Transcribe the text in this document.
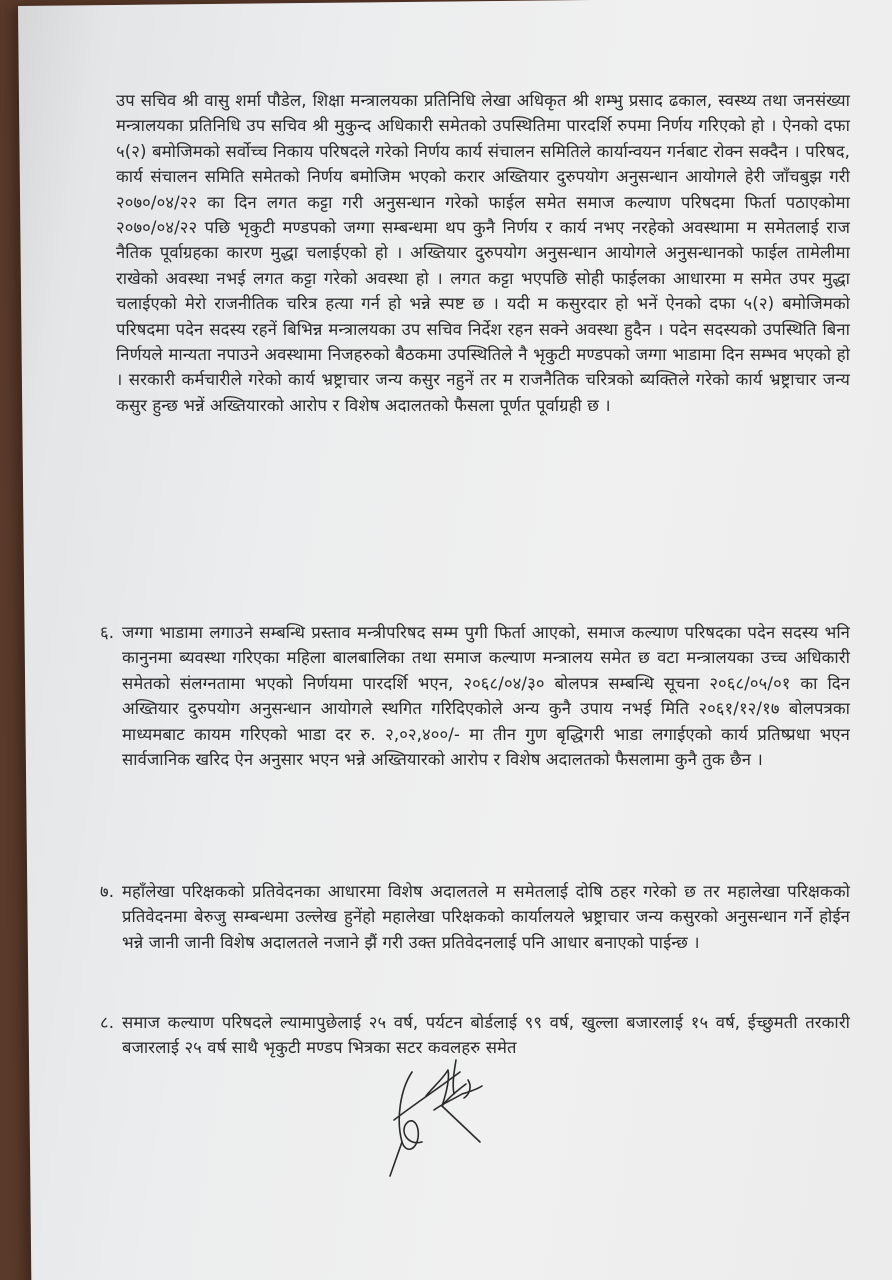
उप सचिव श्री वासु शर्मा पौडेल, शिक्षा मन्त्रालयका प्रतिनिधि लेखा अधिकृत श्री शम्भु प्रसाद ढकाल, स्वस्थ्य तथा जनसंख्या मन्त्रालयका प्रतिनिधि उप सचिव श्री मुकुन्द अधिकारी समेतको उपस्थितिमा पारदर्शि रुपमा निर्णय गरिएको हो । ऐनको दफा ५(२) बमोजिमको सर्वोच्च निकाय परिषदले गरेको निर्णय कार्य संचालन समितिले कार्यान्वयन गर्नबाट रोक्न सक्दैन । परिषद, कार्य संचालन समिति समेतको निर्णय बमोजिम भएको करार अख्तियार दुरुपयोग अनुसन्धान आयोगले हेरी जाँचबुझ गरी २०७०/०४/२२ का दिन लगत कट्टा गरी अनुसन्धान गरेको फाईल समेत समाज कल्याण परिषदमा फिर्ता पठाएकोमा २०७०/०४/२२ पछि भृकुटी मण्डपको जग्गा सम्बन्धमा थप कुनै निर्णय र कार्य नभए नरहेको अवस्थामा म समेतलाई राज नैतिक पूर्वाग्रहका कारण मुद्धा चलाईएको हो । अख्तियार दुरुपयोग अनुसन्धान आयोगले अनुसन्धानको फाईल तामेलीमा राखेको अवस्था नभई लगत कट्टा गरेको अवस्था हो । लगत कट्टा भएपछि सोही फाईलका आधारमा म समेत उपर मुद्धा चलाईएको मेरो राजनीतिक चरित्र हत्या गर्न हो भन्ने स्पष्ट छ । यदी म कसुरदार हो भनें ऐनको दफा ५(२) बमोजिमको परिषदमा पदेन सदस्य रहनें बिभिन्न मन्त्रालयका उप सचिव निर्देश रहन सक्ने अवस्था हुदैन । पदेन सदस्यको उपस्थिति बिना निर्णयले मान्यता नपाउने अवस्थामा निजहरुको बैठकमा उपस्थितिले नै भृकुटी मण्डपको जग्गा भाडामा दिन सम्भव भएको हो । सरकारी कर्मचारीले गरेको कार्य भ्रष्ट्राचार जन्य कसुर नहुनें तर म राजनैतिक चरित्रको ब्यक्तिले गरेको कार्य भ्रष्ट्राचार जन्य कसुर हुन्छ भन्नें अख्तियारको आरोप र विशेष अदालतको फैसला पूर्णत पूर्वाग्रही छ ।

६. जग्गा भाडामा लगाउने सम्बन्धि प्रस्ताव मन्त्रीपरिषद सम्म पुगी फिर्ता आएको, समाज कल्याण परिषदका पदेन सदस्य भनि कानुनमा ब्यवस्था गरिएका महिला बालबालिका तथा समाज कल्याण मन्त्रालय समेत छ वटा मन्त्रालयका उच्च अधिकारी समेतको संलग्नतामा भएको निर्णयमा पारदर्शि भएन, २०६८/०४/३० बोलपत्र सम्बन्धि सूचना २०६८/०५/०१ का दिन अख्तियार दुरुपयोग अनुसन्धान आयोगले स्थगित गरिदिएकोले अन्य कुनै उपाय नभई मिति २०६१/१२/१७ बोलपत्रका माध्यमबाट कायम गरिएको भाडा दर रु. २,०२,४००/- मा तीन गुण बृद्धिगरी भाडा लगाईएको कार्य प्रतिष्प्रधा भएन सार्वजानिक खरिद ऐन अनुसार भएन भन्ने अख्तियारको आरोप र विशेष अदालतको फैसलामा कुनै तुक छैन ।
७. महाँलेखा परिक्षकको प्रतिवेदनका आधारमा विशेष अदालतले म समेतलाई दोषि ठहर गरेको छ तर महालेखा परिक्षकको प्रतिवेदनमा बेरुजु सम्बन्धमा उल्लेख हुनेंहो महालेखा परिक्षकको कार्यालयले भ्रष्ट्राचार जन्य कसुरको अनुसन्धान गर्ने होईन भन्ने जानी जानी विशेष अदालतले नजाने झैं गरी उक्त प्रतिवेदनलाई पनि आधार बनाएको पाईन्छ ।
८. समाज कल्याण परिषदले ल्यामापुछेलाई २५ वर्ष, पर्यटन बोर्डलाई ९९ वर्ष, खुल्ला बजारलाई १५ वर्ष, ईच्छुमती तरकारी बजारलाई २५ वर्ष साथै भृकुटी मण्डप भित्रका सटर कवलहरु समेत
